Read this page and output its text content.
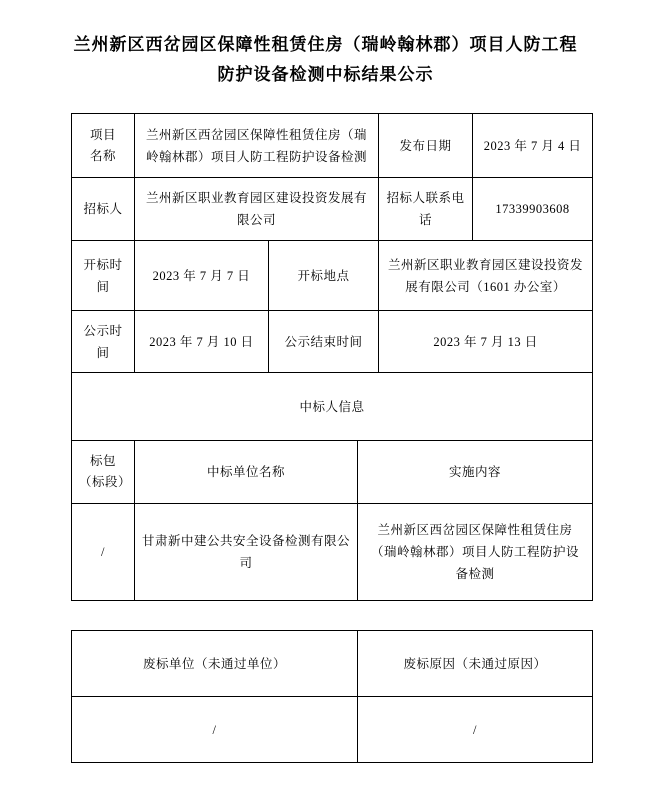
兰州新区西岔园区保障性租赁住房（瑞岭翰林郡）项目人防工程
防护设备检测中标结果公示
项目
名称	兰州新区西岔园区保障性租赁住房（瑞岭翰林郡）项目人防工程防护设备检测			发布日期	2023 年 7 月 4 日
招标人	兰州新区职业教育园区建设投资发展有限公司			招标人联系电话	17339903608
开标时间	2023 年 7 月 7 日	开标地点		兰州新区职业教育园区建设投资发展有限公司（1601 办公室）	
公示时间	2023 年 7 月 10 日	公示结束时间		2023 年 7 月 13 日	
中标人信息					

标包
（标段）	中标单位名称		实施内容		
/	甘肃新中建公共安全设备检测有限公司		兰州新区西岔园区保障性租赁住房（瑞岭翰林郡）项目人防工程防护设备检测		
废标单位（未通过单位）	废标原因（未通过原因）
/	/
